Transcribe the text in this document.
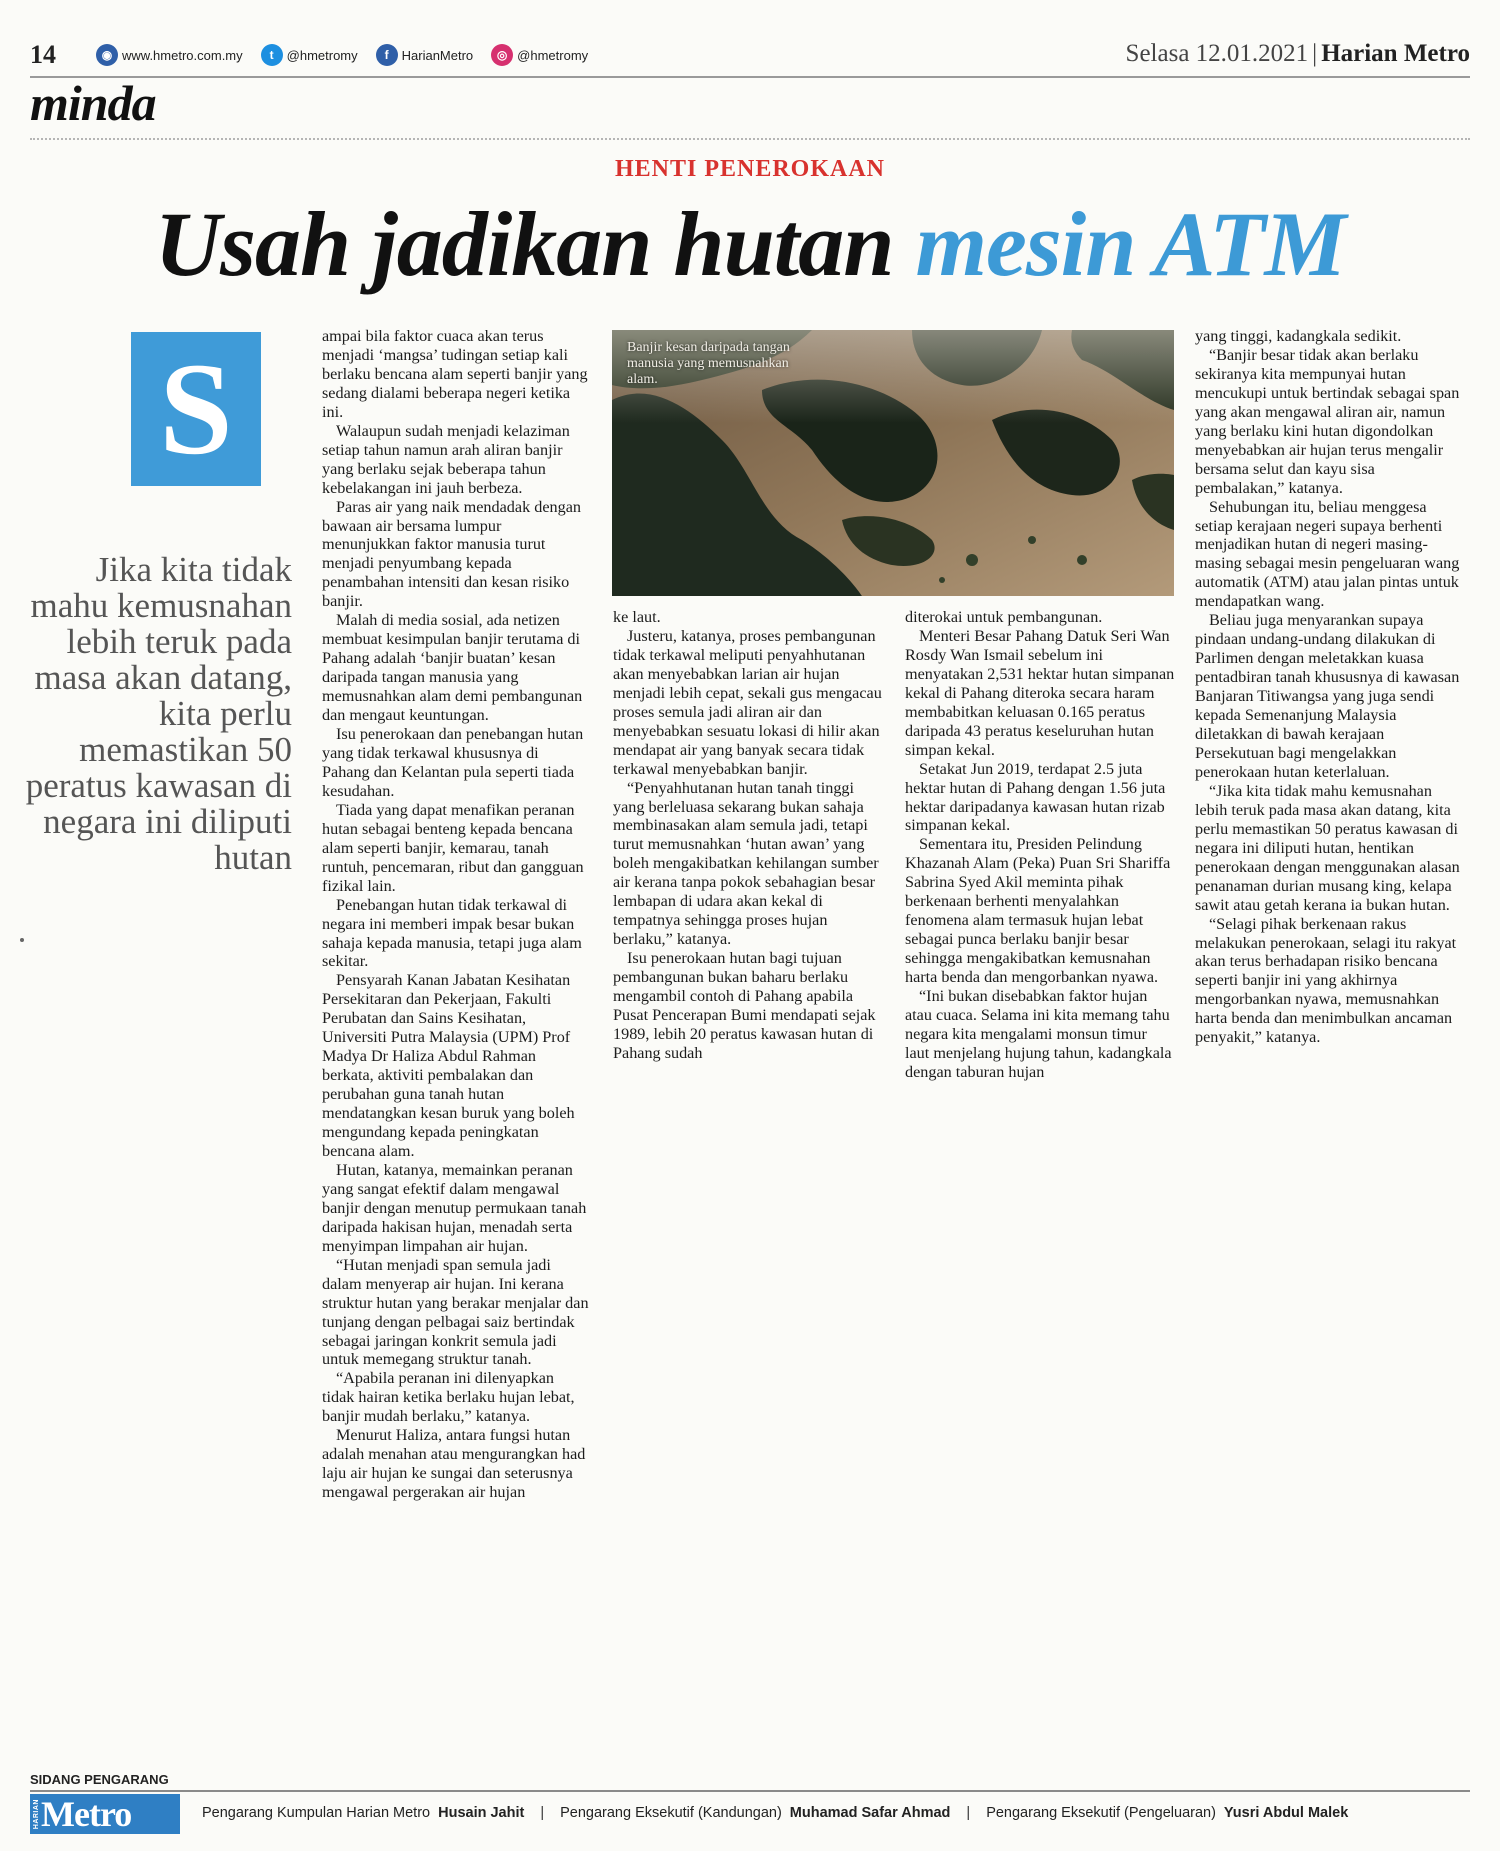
14	◉ www.hmetro.com.my	t	@hmetromy	f	HarianMetro	◎ @hmetromy	Selasa 12.01.2021 | Harian Metro
minda
HENTI PENEROKAAN
Usah jadikan hutan mesin ATM
S
Jika kita tidak mahu kemusnahan lebih teruk pada masa akan datang, kita perlu memastikan 50 peratus kawasan di negara ini diliputi hutan

ampai bila faktor cuaca akan terus menjadi ‘mangsa’ tudingan setiap kali berlaku bencana alam seperti banjir yang sedang dialami beberapa negeri ketika ini.

Walaupun sudah menjadi kelaziman setiap tahun namun arah aliran banjir yang berlaku sejak beberapa tahun kebelakangan ini jauh berbeza.

Paras air yang naik mendadak dengan bawaan air bersama lumpur menunjukkan faktor manusia turut menjadi penyumbang kepada penambahan intensiti dan kesan risiko banjir.

Malah di media sosial, ada netizen membuat kesimpulan banjir terutama di Pahang adalah ‘banjir buatan’ kesan daripada tangan manusia yang memusnahkan alam demi pembangunan dan mengaut keuntungan.

Isu penerokaan dan penebangan hutan yang tidak terkawal khususnya di Pahang dan Kelantan pula seperti tiada kesudahan.

Tiada yang dapat menafikan peranan hutan sebagai benteng kepada bencana alam seperti banjir, kemarau, tanah runtuh, pencemaran, ribut dan gangguan fizikal lain.

Penebangan hutan tidak terkawal di negara ini memberi impak besar bukan sahaja kepada manusia, tetapi juga alam sekitar.

Pensyarah Kanan Jabatan Kesihatan Persekitaran dan Pekerjaan, Fakulti Perubatan dan Sains Kesihatan, Universiti Putra Malaysia (UPM) Prof Madya Dr Haliza Abdul Rahman berkata, aktiviti pembalakan dan perubahan guna tanah hutan mendatangkan kesan buruk yang boleh mengundang kepada peningkatan bencana alam.

Hutan, katanya, memainkan peranan yang sangat efektif dalam mengawal banjir dengan menutup permukaan tanah daripada hakisan hujan, menadah serta menyimpan limpahan air hujan.

“Hutan menjadi span semula jadi dalam menyerap air hujan. Ini kerana struktur hutan yang berakar menjalar dan tunjang dengan pelbagai saiz bertindak sebagai jaringan konkrit semula jadi untuk memegang struktur tanah.

“Apabila peranan ini dilenyapkan tidak hairan ketika berlaku hujan lebat, banjir mudah berlaku,” katanya.

Menurut Haliza, antara fungsi hutan adalah menahan atau mengurangkan had laju air hujan ke sungai dan seterusnya mengawal pergerakan air hujan

Banjir kesan daripada tangan manusia yang memusnahkan alam.

ke laut.

Justeru, katanya, proses pembangunan tidak terkawal meliputi penyahhutanan akan menyebabkan larian air hujan menjadi lebih cepat, sekali gus mengacau proses semula jadi aliran air dan menyebabkan sesuatu lokasi di hilir akan mendapat air yang banyak secara tidak terkawal menyebabkan banjir.

“Penyahhutanan hutan tanah tinggi yang berleluasa sekarang bukan sahaja membinasakan alam semula jadi, tetapi turut memusnahkan ‘hutan awan’ yang boleh mengakibatkan kehilangan sumber air kerana tanpa pokok sebahagian besar lembapan di udara akan kekal di tempatnya sehingga proses hujan berlaku,” katanya.

Isu penerokaan hutan bagi tujuan pembangunan bukan baharu berlaku mengambil contoh di Pahang apabila Pusat Pencerapan Bumi mendapati sejak 1989, lebih 20 peratus kawasan hutan di Pahang sudah

diterokai untuk pembangunan.

Menteri Besar Pahang Datuk Seri Wan Rosdy Wan Ismail sebelum ini menyatakan 2,531 hektar hutan simpanan kekal di Pahang diteroka secara haram membabitkan keluasan 0.165 peratus daripada 43 peratus keseluruhan hutan simpan kekal.

Setakat Jun 2019, terdapat 2.5 juta hektar hutan di Pahang dengan 1.56 juta hektar daripadanya kawasan hutan rizab simpanan kekal.

Sementara itu, Presiden Pelindung Khazanah Alam (Peka) Puan Sri Shariffa Sabrina Syed Akil meminta pihak berkenaan berhenti menyalahkan fenomena alam termasuk hujan lebat sebagai punca berlaku banjir besar sehingga mengakibatkan kemusnahan harta benda dan mengorbankan nyawa.

“Ini bukan disebabkan faktor hujan atau cuaca. Selama ini kita memang tahu negara kita mengalami monsun timur laut menjelang hujung tahun, kadangkala dengan taburan hujan

yang tinggi, kadangkala sedikit.

“Banjir besar tidak akan berlaku sekiranya kita mempunyai hutan mencukupi untuk bertindak sebagai span yang akan mengawal aliran air, namun yang berlaku kini hutan digondolkan menyebabkan air hujan terus mengalir bersama selut dan kayu sisa pembalakan,” katanya.

Sehubungan itu, beliau menggesa setiap kerajaan negeri supaya berhenti menjadikan hutan di negeri masing-masing sebagai mesin pengeluaran wang automatik (ATM) atau jalan pintas untuk mendapatkan wang.

Beliau juga menyarankan supaya pindaan undang-undang dilakukan di Parlimen dengan meletakkan kuasa pentadbiran tanah khususnya di kawasan Banjaran Titiwangsa yang juga sendi kepada Semenanjung Malaysia diletakkan di bawah kerajaan Persekutuan bagi mengelakkan penerokaan hutan keterlaluan.

“Jika kita tidak mahu kemusnahan lebih teruk pada masa akan datang, kita perlu memastikan 50 peratus kawasan di negara ini diliputi hutan, hentikan penerokaan dengan menggunakan alasan penanaman durian musang king, kelapa sawit atau getah kerana ia bukan hutan.

“Selagi pihak berkenaan rakus melakukan penerokaan, selagi itu rakyat akan terus berhadapan risiko bencana seperti banjir ini yang akhirnya mengorbankan nyawa, memusnahkan harta benda dan menimbulkan ancaman penyakit,” katanya.

SIDANG PENGARANG
HARIAN Metro	Pengarang Kumpulan Harian Metro Husain Jahit | Pengarang Eksekutif (Kandungan) Muhamad Safar Ahmad | Pengarang Eksekutif (Pengeluaran) Yusri Abdul Malek
